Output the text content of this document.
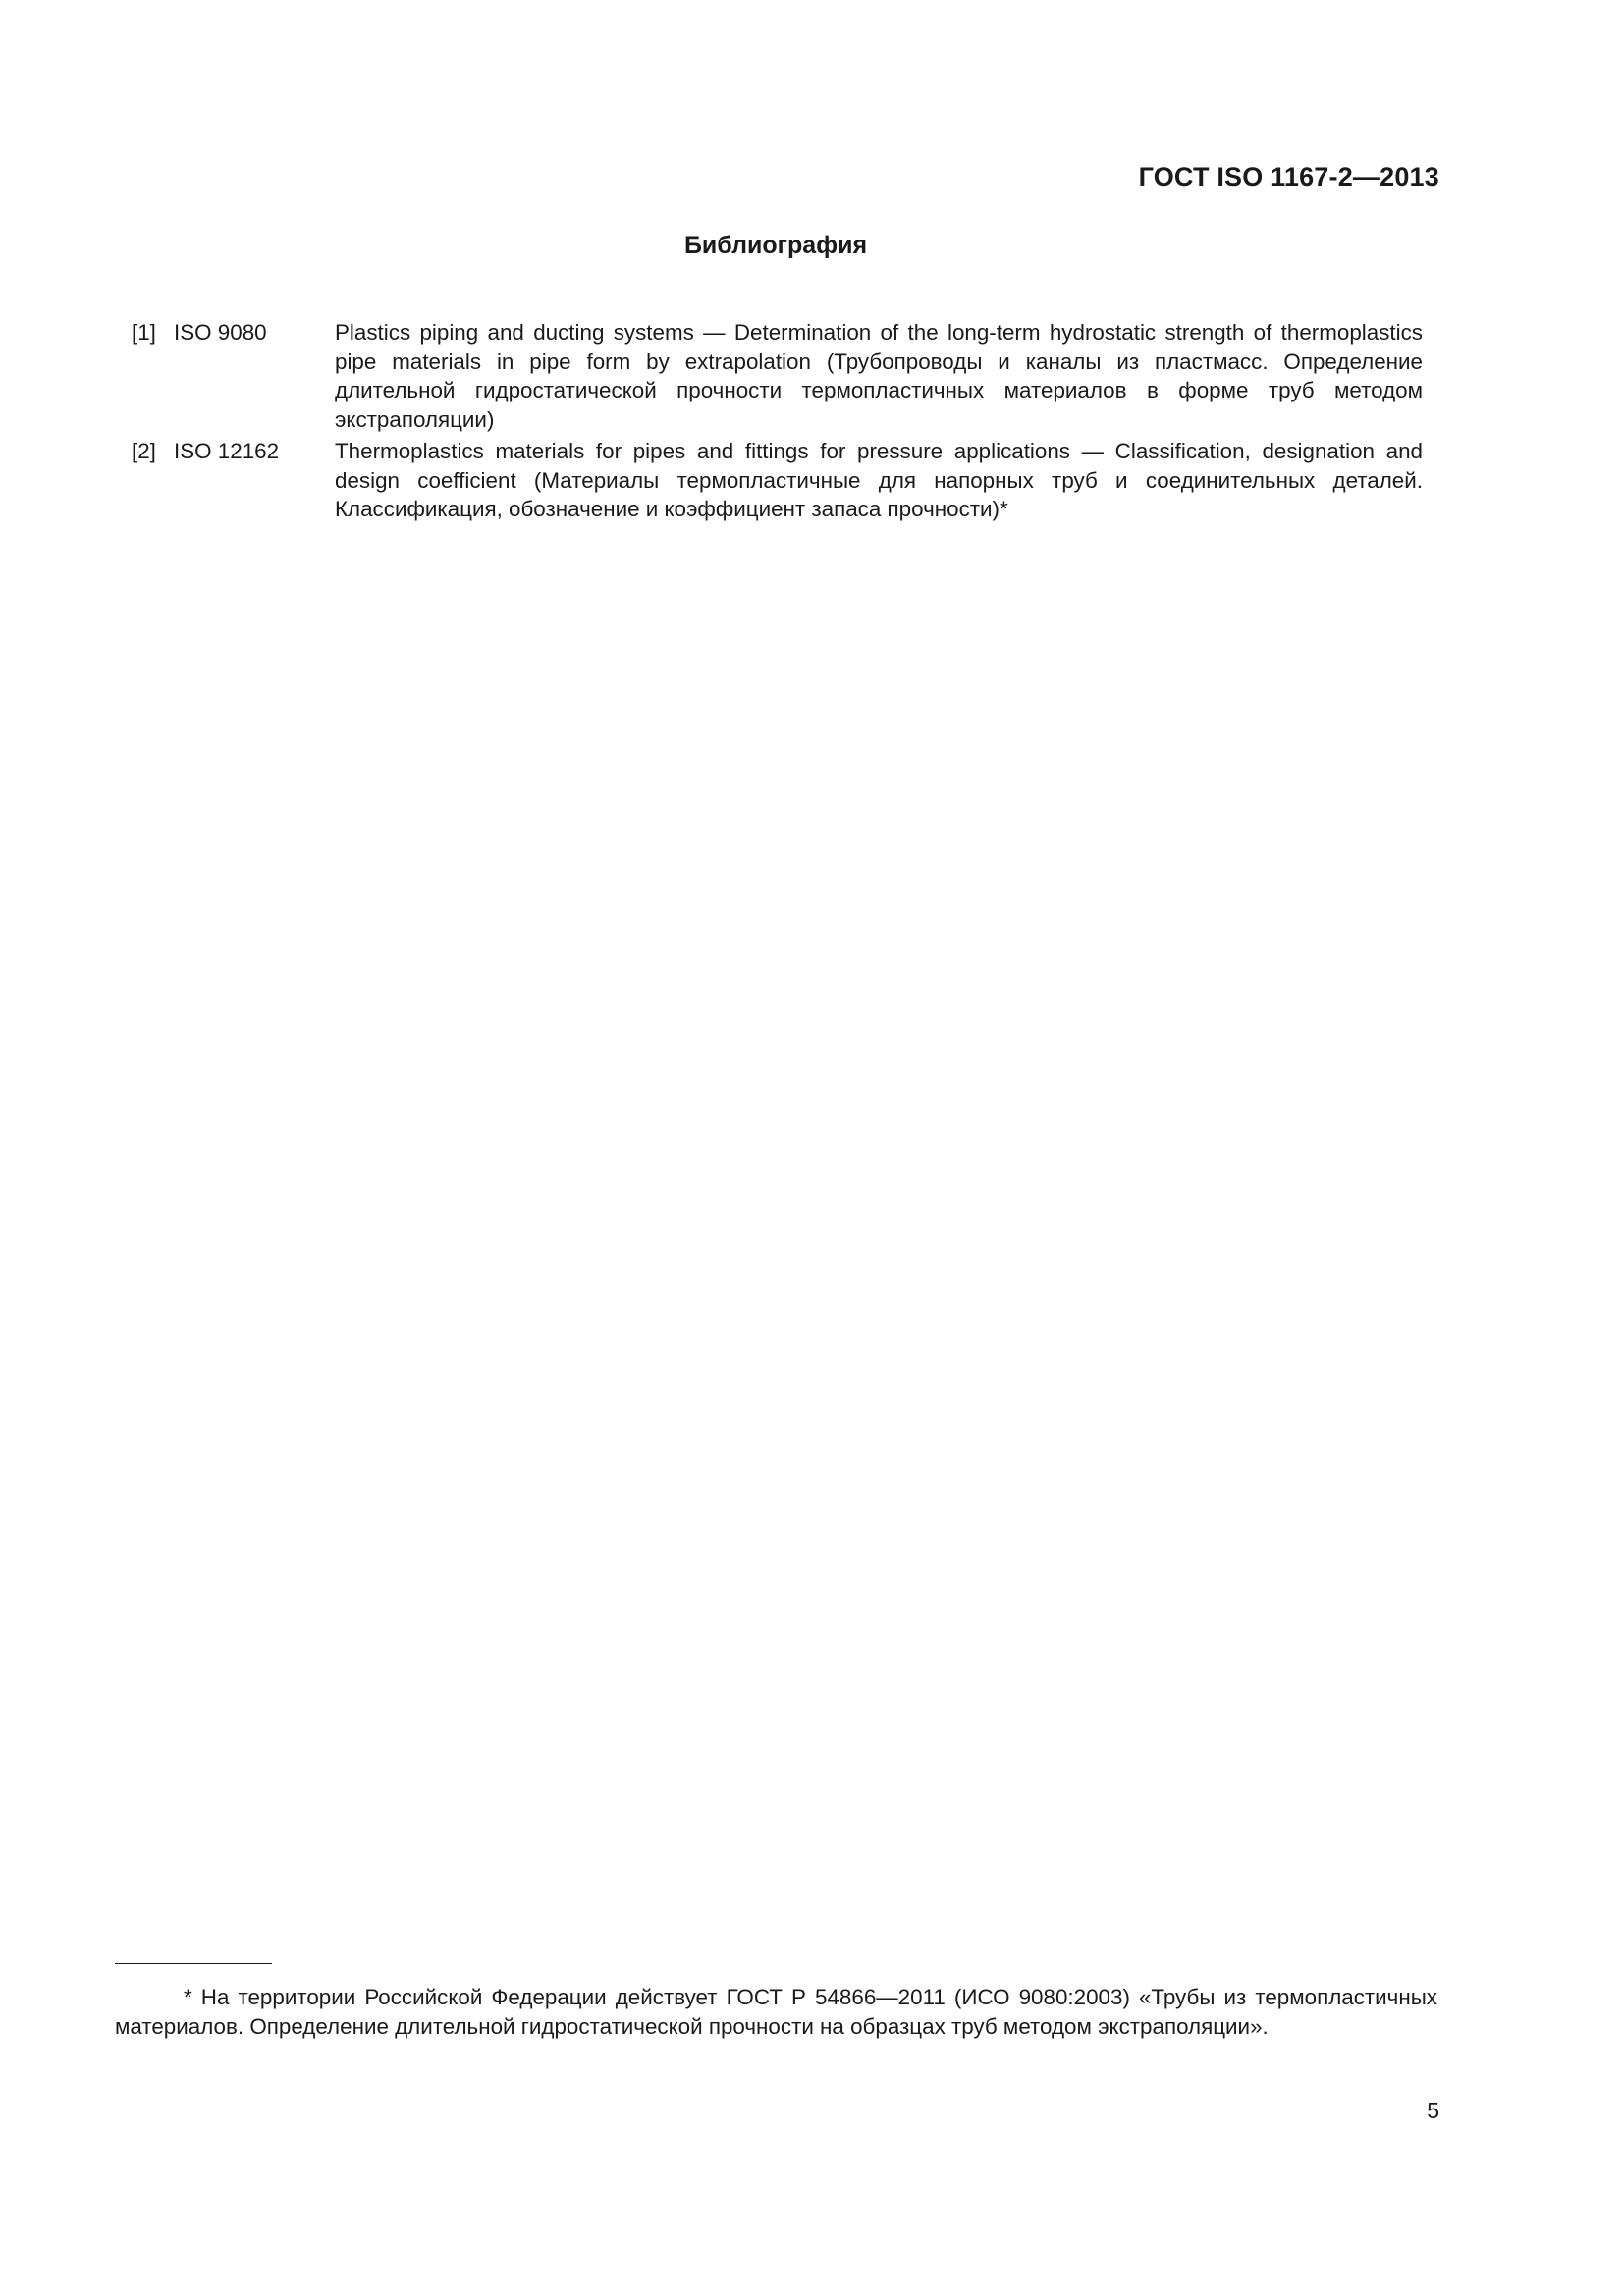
ГОСТ ISO 1167-2—2013
Библиография
[1] ISO 9080	Plastics piping and ducting systems — Determination of the long-term hydrostatic strength of thermoplastics pipe materials in pipe form by extrapolation (Трубопроводы и каналы из пластмасс. Определение длительной гидростатической прочности термопластичных материалов в форме труб методом экстраполяции)
[2] ISO 12162	Thermoplastics materials for pipes and fittings for pressure applications — Classification, designation and design coefficient (Материалы термопластичные для напорных труб и соединительных деталей. Классификация, обозначение и коэффициент запаса прочности)*
* На территории Российской Федерации действует ГОСТ Р 54866—2011 (ИСО 9080:2003) «Трубы из термопластичных материалов. Определение длительной гидростатической прочности на образцах труб методом экстраполяции».
5
